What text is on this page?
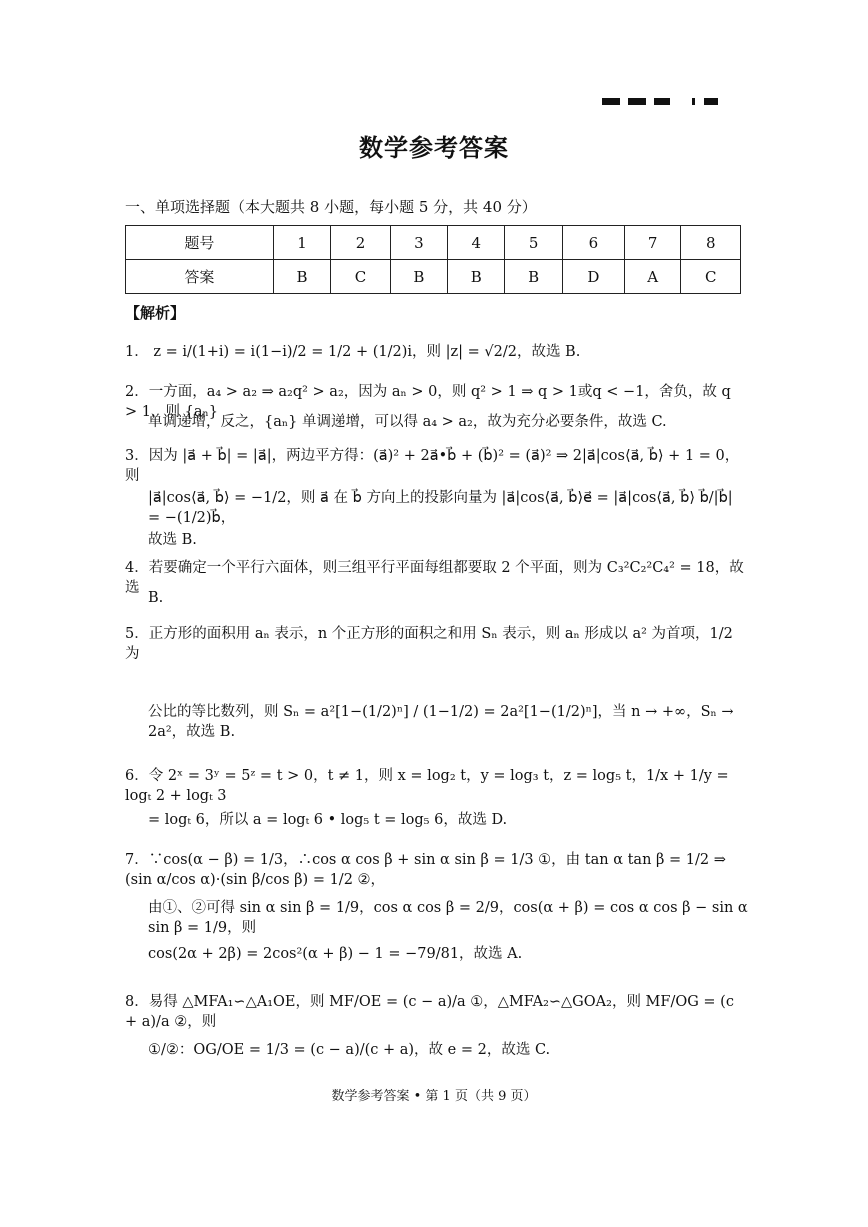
数学参考答案
一、单项选择题（本大题共 8 小题，每小题 5 分，共 40 分）
题号	1	2	3	4	5	6	7	8
答案	B	C	B	B	B	D	A	C
【解析】
1． z = i/(1+i) = i(1−i)/2 = 1/2 + (1/2)i，则 |z| = √2/2，故选 B.
2．一方面，a₄ > a₂ ⇒ a₂q² > a₂，因为 aₙ > 0，则 q² > 1 ⇒ q > 1或q < −1，舍负，故 q > 1，则 {aₙ}
单调递增，反之，{aₙ} 单调递增，可以得 a₄ > a₂，故为充分必要条件，故选 C.
3．因为 |a⃗ + b⃗| = |a⃗|，两边平方得：(a⃗)² + 2a⃗•b⃗ + (b⃗)² = (a⃗)² ⇒ 2|a⃗|cos⟨a⃗, b⃗⟩ + 1 = 0，则
|a⃗|cos⟨a⃗, b⃗⟩ = −1/2，则 a⃗ 在 b⃗ 方向上的投影向量为 |a⃗|cos⟨a⃗, b⃗⟩e⃗ = |a⃗|cos⟨a⃗, b⃗⟩ b⃗/|b⃗| = −(1/2)b⃗，
故选 B.
4．若要确定一个平行六面体，则三组平行平面每组都要取 2 个平面，则为 C₃²C₂²C₄² = 18，故选
B.
5．正方形的面积用 aₙ 表示，n 个正方形的面积之和用 Sₙ 表示，则 aₙ 形成以 a² 为首项，1/2 为
公比的等比数列，则 Sₙ = a²[1−(1/2)ⁿ] / (1−1/2) = 2a²[1−(1/2)ⁿ]，当 n → +∞，Sₙ → 2a²，故选 B.
6．令 2ˣ = 3ʸ = 5ᶻ = t > 0，t ≠ 1，则 x = log₂ t，y = log₃ t，z = log₅ t，1/x + 1/y = logₜ 2 + logₜ 3
= logₜ 6，所以 a = logₜ 6 • log₅ t = log₅ 6，故选 D.
7．∵cos(α − β) = 1/3，∴cos α cos β + sin α sin β = 1/3 ①，由 tan α tan β = 1/2 ⇒ (sin α/cos α)·(sin β/cos β) = 1/2 ②，
由①、②可得 sin α sin β = 1/9，cos α cos β = 2/9，cos(α + β) = cos α cos β − sin α sin β = 1/9，则
cos(2α + 2β) = 2cos²(α + β) − 1 = −79/81，故选 A.
8．易得 △MFA₁∽△A₁OE，则 MF/OE = (c − a)/a ①，△MFA₂∽△GOA₂，则 MF/OG = (c + a)/a ②，则
①/②：OG/OE = 1/3 = (c − a)/(c + a)，故 e = 2，故选 C.
数学参考答案 • 第 1 页（共 9 页）
